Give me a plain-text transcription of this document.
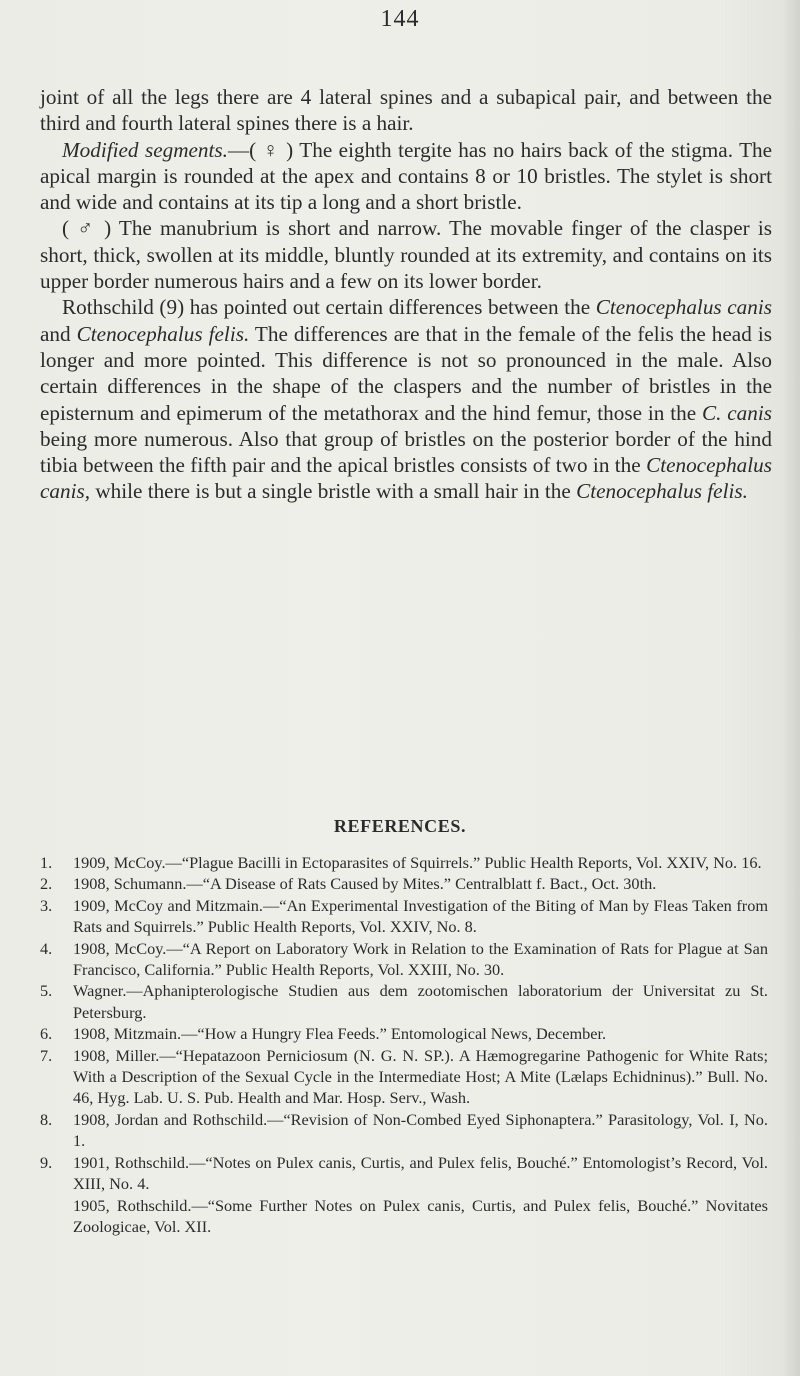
144

joint of all the legs there are 4 lateral spines and a subapical pair, and between the third and fourth lateral spines there is a hair.

Modified segments.—( ♀ ) The eighth tergite has no hairs back of the stigma. The apical margin is rounded at the apex and contains 8 or 10 bristles. The stylet is short and wide and contains at its tip a long and a short bristle.

( ♂ ) The manubrium is short and narrow. The movable finger of the clasper is short, thick, swollen at its middle, bluntly rounded at its extremity, and contains on its upper border numerous hairs and a few on its lower border.

Rothschild (9) has pointed out certain differences between the Ctenocephalus canis and Ctenocephalus felis. The differences are that in the female of the felis the head is longer and more pointed. This difference is not so pronounced in the male. Also certain differences in the shape of the claspers and the number of bristles in the episternum and epimerum of the metathorax and the hind femur, those in the C. canis being more numerous. Also that group of bristles on the posterior border of the hind tibia between the fifth pair and the apical bristles consists of two in the Ctenocephalus canis, while there is but a single bristle with a small hair in the Ctenocephalus felis.

REFERENCES.

1. 1909, McCoy.—“Plague Bacilli in Ectoparasites of Squirrels.” Public Health Reports, Vol. XXIV, No. 16.

2. 1908, Schumann.—“A Disease of Rats Caused by Mites.” Centralblatt f. Bact., Oct. 30th.

3. 1909, McCoy and Mitzmain.—“An Experimental Investigation of the Biting of Man by Fleas Taken from Rats and Squirrels.” Public Health Reports, Vol. XXIV, No. 8.

4. 1908, McCoy.—“A Report on Laboratory Work in Relation to the Examination of Rats for Plague at San Francisco, California.” Public Health Reports, Vol. XXIII, No. 30.

5. Wagner.—Aphanipterologische Studien aus dem zootomischen laboratorium der Universitat zu St. Petersburg.

6. 1908, Mitzmain.—“How a Hungry Flea Feeds.” Entomological News, December.

7. 1908, Miller.—“Hepatazoon Perniciosum (N. G. N. SP.). A Hæmogregarine Pathogenic for White Rats; With a Description of the Sexual Cycle in the Intermediate Host; A Mite (Lælaps Echidninus).” Bull. No. 46, Hyg. Lab. U. S. Pub. Health and Mar. Hosp. Serv., Wash.

8. 1908, Jordan and Rothschild.—“Revision of Non-Combed Eyed Siphonaptera.” Parasitology, Vol. I, No. 1.

9. 1901, Rothschild.—“Notes on Pulex canis, Curtis, and Pulex felis, Bouché.” Entomologist’s Record, Vol. XIII, No. 4.

1905, Rothschild.—“Some Further Notes on Pulex canis, Curtis, and Pulex felis, Bouché.” Novitates Zoologicae, Vol. XII.
